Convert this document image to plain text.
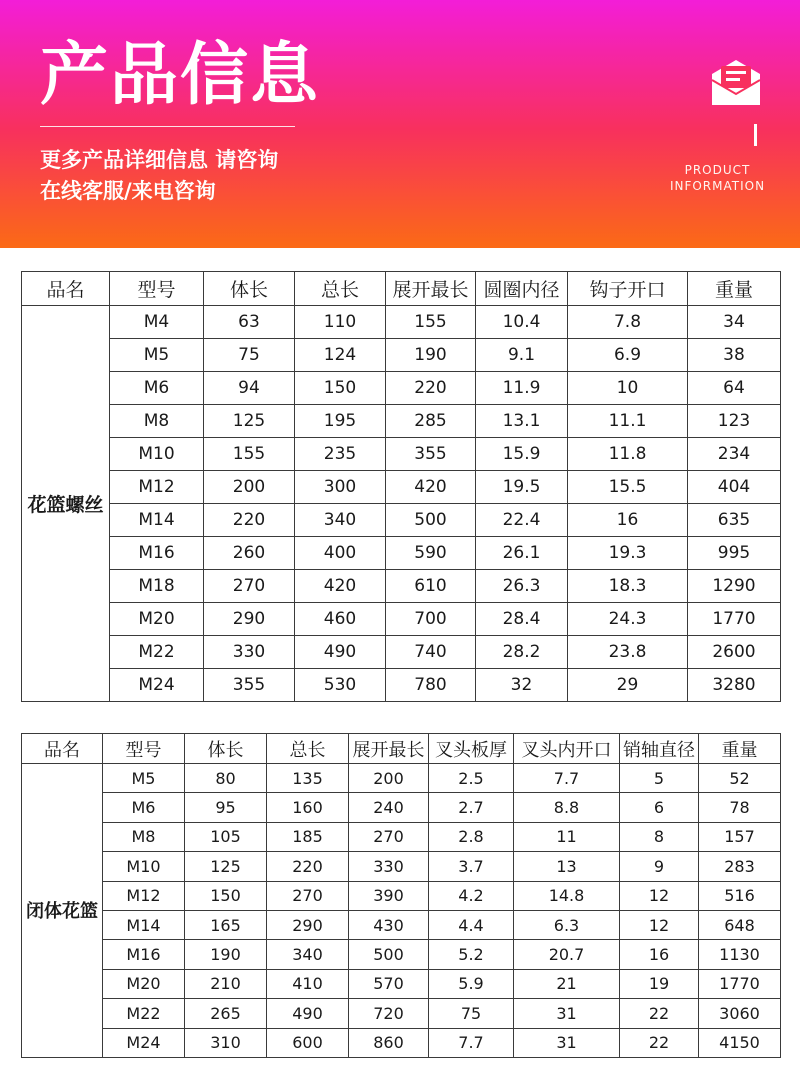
产品信息
更多产品详细信息 请咨询
在线客服/来电咨询
PRODUCT
INFORMATION
品名	型号	体长	总长	展开最长	圆圈内径	钩子开口	重量
花篮螺丝	M4	63	110	155	10.4	7.8	34
	M5	75	124	190	9.1	6.9	38
	M6	94	150	220	11.9	10	64
	M8	125	195	285	13.1	11.1	123
	M10	155	235	355	15.9	11.8	234
	M12	200	300	420	19.5	15.5	404
	M14	220	340	500	22.4	16	635
	M16	260	400	590	26.1	19.3	995
	M18	270	420	610	26.3	18.3	1290
	M20	290	460	700	28.4	24.3	1770
	M22	330	490	740	28.2	23.8	2600
	M24	355	530	780	32	29	3280
品名	型号	体长	总长	展开最长	叉头板厚	叉头内开口	销轴直径	重量
闭体花篮	M5	80	135	200	2.5	7.7	5	52
	M6	95	160	240	2.7	8.8	6	78
	M8	105	185	270	2.8	11	8	157
	M10	125	220	330	3.7	13	9	283
	M12	150	270	390	4.2	14.8	12	516
	M14	165	290	430	4.4	6.3	12	648
	M16	190	340	500	5.2	20.7	16	1130
	M20	210	410	570	5.9	21	19	1770
	M22	265	490	720	75	31	22	3060
	M24	310	600	860	7.7	31	22	4150
